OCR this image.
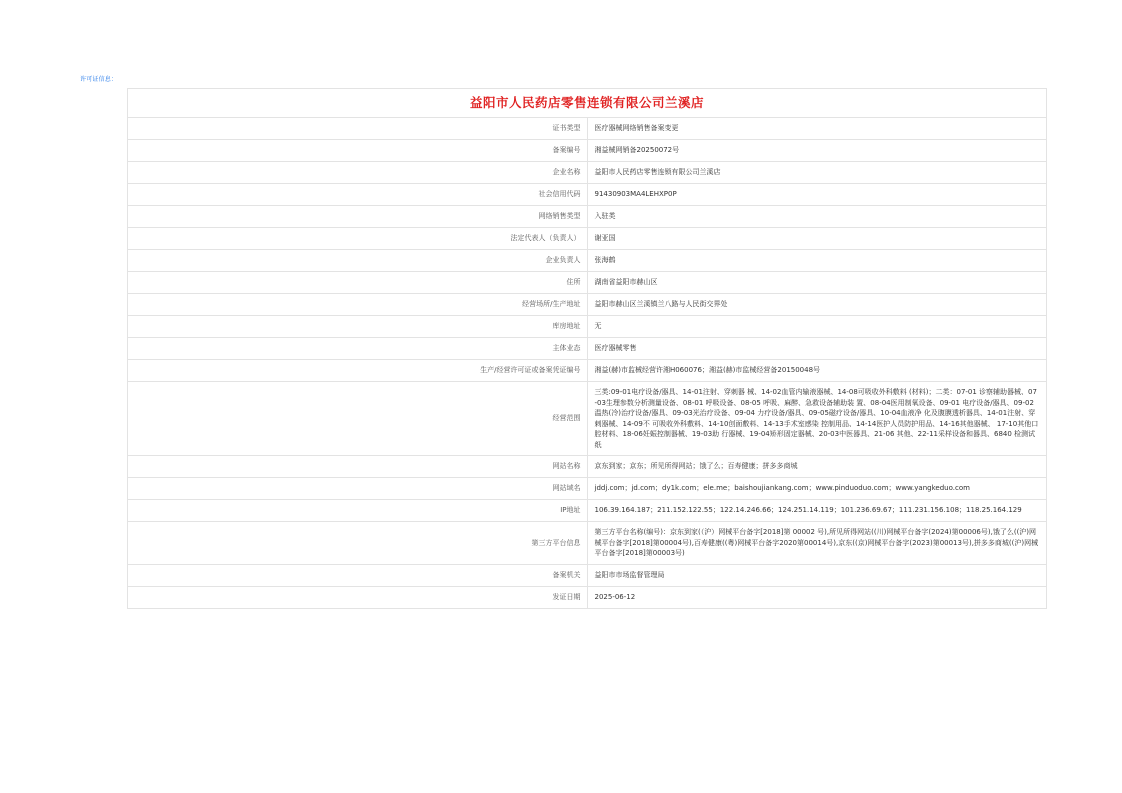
许可证信息：
益阳市人民药店零售连锁有限公司兰溪店	
证书类型	医疗器械网络销售备案变更
备案编号	湘益械网销备20250072号
企业名称	益阳市人民药店零售连锁有限公司兰溪店
社会信用代码	91430903MA4LEHXP0P
网络销售类型	入驻类
法定代表人（负责人）	谢亚国
企业负责人	张海鹤
住所	湖南省益阳市赫山区
经营场所/生产地址	益阳市赫山区兰溪镇兰八路与人民街交界处
库房地址	无
主体业态	医疗器械零售
生产/经营许可证或备案凭证编号	湘益(赫)市监械经营许湘H060076；湘益(赫)市监械经营备20150048号
经营范围	三类:09-01电疗设备/器具、14-01注射、穿刺器 械、14-02血管内输液器械、14-08可吸收外科敷料 (材料)；二类：07-01 诊察辅助器械、07-03生理参数分析测量设备、08-01 呼吸设备、08-05 呼吸、麻醉、急救设备辅助装 置、08-04医用制氧设备、09-01 电疗设备/器具、09-02 温热(冷)治疗设备/器具、09-03光治疗设备、09-04 力疗设备/器具、09-05磁疗设备/器具、10-04血液净 化及腹膜透析器具、14-01注射、穿刺器械、14-09不 可吸收外科敷料、14-10创面敷料、14-13手术室感染 控制用品、14-14医护人员防护用品、14-16其他器械、 17-10其他口腔材料、18-06妊娠控制器械、19-03助 行器械、19-04矫形固定器械、20-03中医器具、21-06 其他、22-11采样设备和器具、6840 检测试纸
网站名称	京东到家；京东；所见所得网站；饿了么；百寿健康；拼多多商城
网站域名	jddj.com；jd.com；dy1k.com；ele.me；baishoujiankang.com；www.pinduoduo.com；www.yangkeduo.com
IP地址	106.39.164.187；211.152.122.55；122.14.246.66；124.251.14.119；101.236.69.67；111.231.156.108；118.25.164.129
第三方平台信息	第三方平台名称(编号)：京东到家(（沪）网械平台备字[2018]第 00002 号),所见所得网站((川)网械平台备字(2024)第00006号),饿了么((沪)网械平台备字[2018]第00004号),百寿健康((粤)网械平台备字2020第00014号),京东((京)网械平台备字(2023)第00013号),拼多多商城((沪)网械平台备字[2018]第00003号)
备案机关	益阳市市场监督管理局
发证日期	2025-06-12
